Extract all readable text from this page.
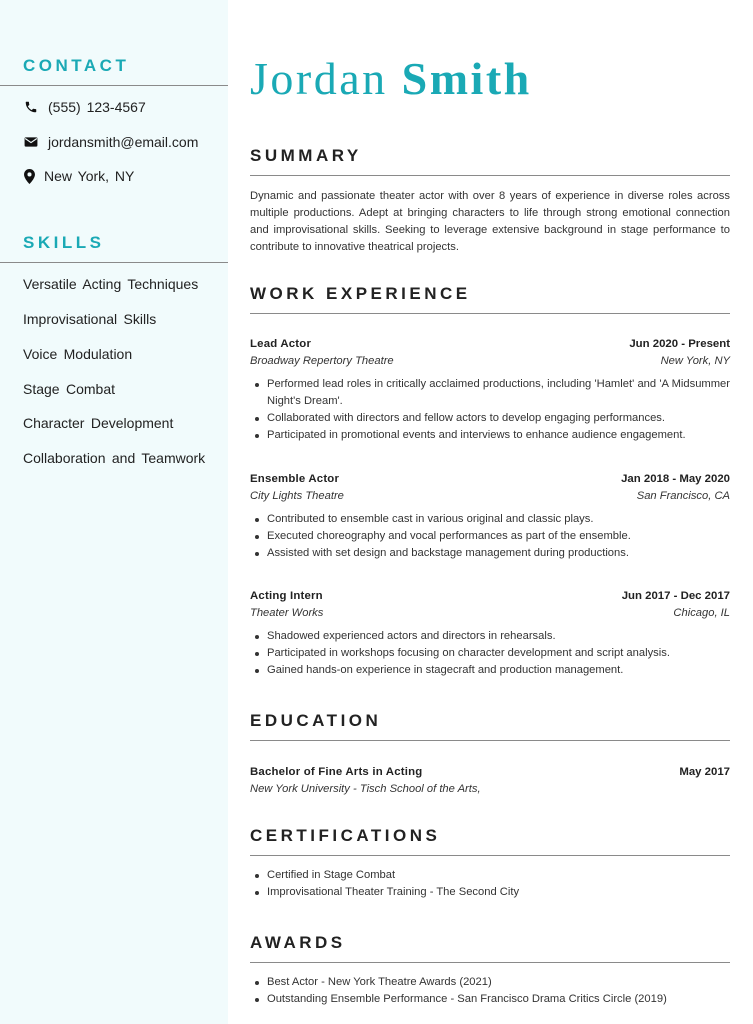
CONTACT
(555) 123-4567
jordansmith@email.com
New York, NY
SKILLS
Versatile Acting Techniques
Improvisational Skills
Voice Modulation
Stage Combat
Character Development
Collaboration and Teamwork
Jordan Smith
SUMMARY
Dynamic and passionate theater actor with over 8 years of experience in diverse roles across multiple productions. Adept at bringing characters to life through strong emotional connection and improvisational skills. Seeking to leverage extensive background in stage performance to contribute to innovative theatrical projects.
WORK EXPERIENCE
Lead Actor	Jun 2020 - Present
Broadway Repertory Theatre	New York, NY
Performed lead roles in critically acclaimed productions, including 'Hamlet' and 'A Midsummer Night's Dream'.
Collaborated with directors and fellow actors to develop engaging performances.
Participated in promotional events and interviews to enhance audience engagement.
Ensemble Actor	Jan 2018 - May 2020
City Lights Theatre	San Francisco, CA
Contributed to ensemble cast in various original and classic plays.
Executed choreography and vocal performances as part of the ensemble.
Assisted with set design and backstage management during productions.
Acting Intern	Jun 2017 - Dec 2017
Theater Works	Chicago, IL
Shadowed experienced actors and directors in rehearsals.
Participated in workshops focusing on character development and script analysis.
Gained hands-on experience in stagecraft and production management.
EDUCATION
Bachelor of Fine Arts in Acting	May 2017
New York University - Tisch School of the Arts,
CERTIFICATIONS
Certified in Stage Combat
Improvisational Theater Training - The Second City
AWARDS
Best Actor - New York Theatre Awards (2021)
Outstanding Ensemble Performance - San Francisco Drama Critics Circle (2019)
